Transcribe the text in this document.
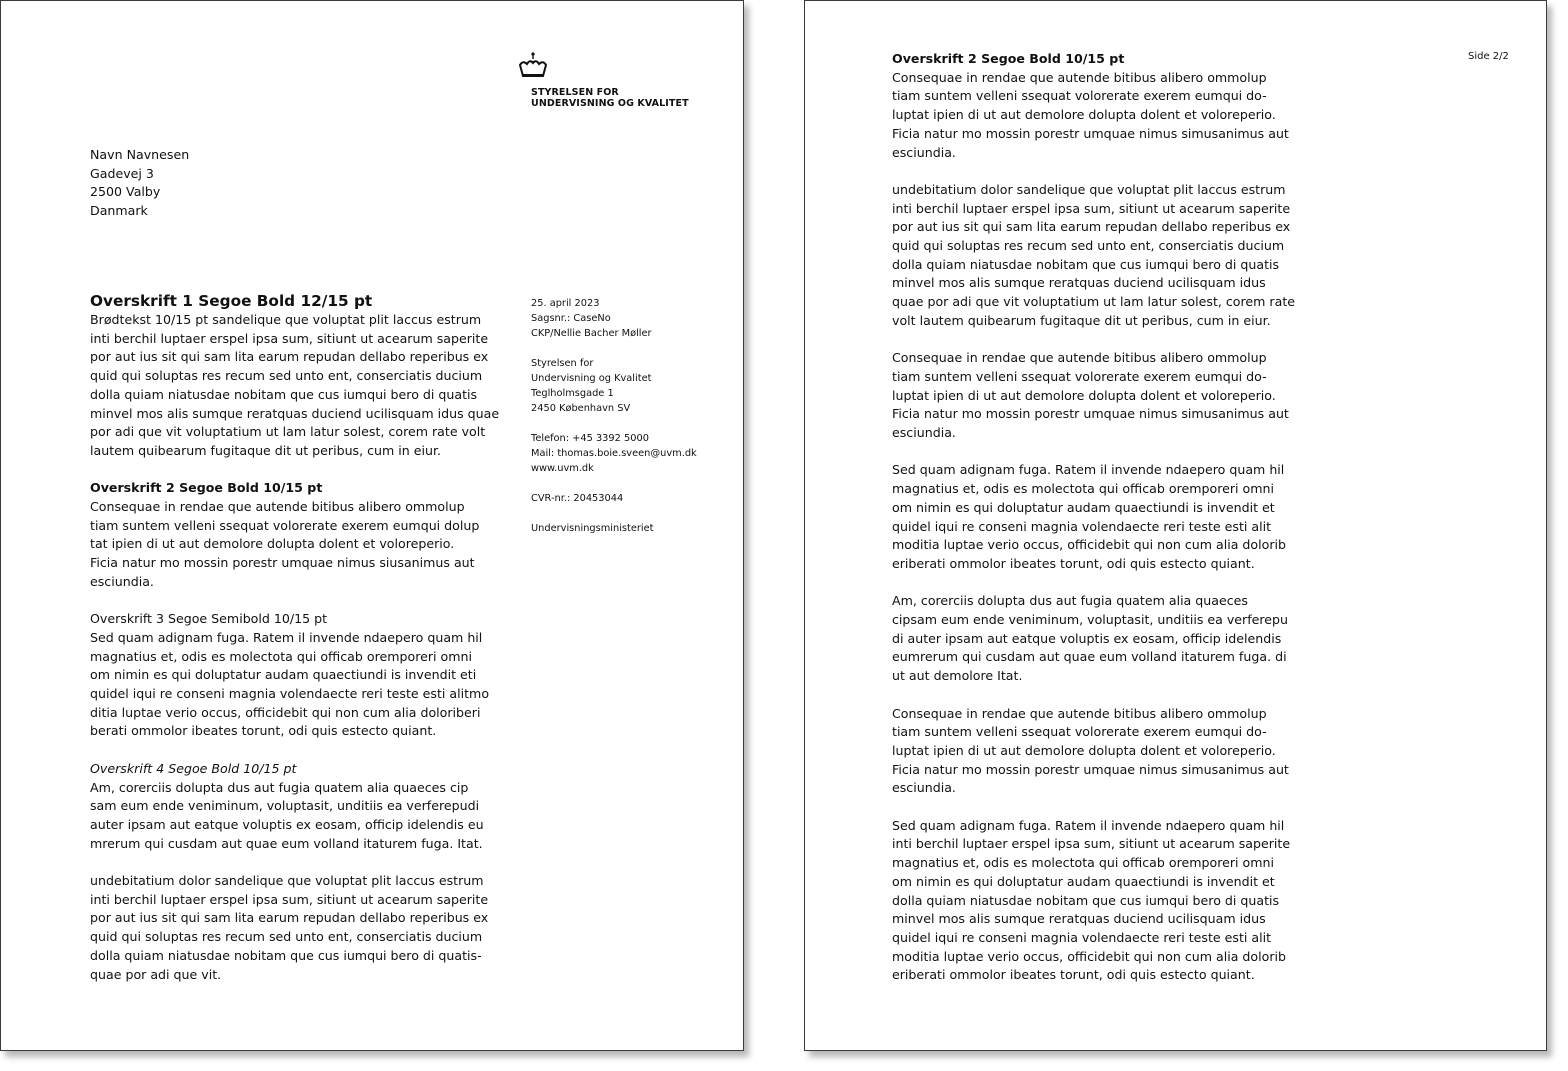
STYRELSEN FOR
UNDERVISNING OG KVALITET
Navn Navnesen
Gadevej 3
2500 Valby
Danmark
25. april 2023
Sagsnr.: CaseNo
CKP/Nellie Bacher Møller
Styrelsen for
Undervisning og Kvalitet
Teglholmsgade 1
2450 København SV
Telefon: +45 3392 5000
Mail: thomas.boie.sveen@uvm.dk
www.uvm.dk
CVR-nr.: 20453044
Undervisningsministeriet
Overskrift 1 Segoe Bold 12/15 pt
Brødtekst 10/15 pt sandelique que voluptat plit laccus estrum
inti berchil luptaer erspel ipsa sum, sitiunt ut acearum saperite
por aut ius sit qui sam lita earum repudan dellabo reperibus ex
quid qui soluptas res recum sed unto ent, conserciatis ducium
dolla quiam niatusdae nobitam que cus iumqui bero di quatis
minvel mos alis sumque reratquas duciend ucilisquam idus quae
por adi que vit voluptatium ut lam latur solest, corem rate volt
lautem quibearum fugitaque dit ut peribus, cum in eiur.
Overskrift 2 Segoe Bold 10/15 pt
Consequae in rendae que autende bitibus alibero ommolup
tiam suntem velleni ssequat volorerate exerem eumqui dolup
tat ipien di ut aut demolore dolupta dolent et voloreperio.
Ficia natur mo mossin porestr umquae nimus siusanimus aut
esciundia.
Overskrift 3 Segoe Semibold 10/15 pt
Sed quam adignam fuga. Ratem il invende ndaepero quam hil
magnatius et, odis es molectota qui officab oremporeri omni
om nimin es qui doluptatur audam quaectiundi is invendit eti
quidel iqui re conseni magnia volendaecte reri teste esti alitmo
ditia luptae verio occus, officidebit qui non cum alia doloriberi
berati ommolor ibeates torunt, odi quis estecto quiant.
Overskrift 4 Segoe Bold 10/15 pt
Am, corerciis dolupta dus aut fugia quatem alia quaeces cip
sam eum ende veniminum, voluptasit, unditiis ea verferepudi
auter ipsam aut eatque voluptis ex eosam, officip idelendis eu
mrerum qui cusdam aut quae eum volland itaturem fuga. Itat.
undebitatium dolor sandelique que voluptat plit laccus estrum
inti berchil luptaer erspel ipsa sum, sitiunt ut acearum saperite
por aut ius sit qui sam lita earum repudan dellabo reperibus ex
quid qui soluptas res recum sed unto ent, conserciatis ducium
dolla quiam niatusdae nobitam que cus iumqui bero di quatis-
quae por adi que vit.
Side 2/2
Overskrift 2 Segoe Bold 10/15 pt
Consequae in rendae que autende bitibus alibero ommolup
tiam suntem velleni ssequat volorerate exerem eumqui do-
luptat ipien di ut aut demolore dolupta dolent et voloreperio.
Ficia natur mo mossin porestr umquae nimus simusanimus aut
esciundia.
undebitatium dolor sandelique que voluptat plit laccus estrum
inti berchil luptaer erspel ipsa sum, sitiunt ut acearum saperite
por aut ius sit qui sam lita earum repudan dellabo reperibus ex
quid qui soluptas res recum sed unto ent, conserciatis ducium
dolla quiam niatusdae nobitam que cus iumqui bero di quatis
minvel mos alis sumque reratquas duciend ucilisquam idus
quae por adi que vit voluptatium ut lam latur solest, corem rate
volt lautem quibearum fugitaque dit ut peribus, cum in eiur.
Consequae in rendae que autende bitibus alibero ommolup
tiam suntem velleni ssequat volorerate exerem eumqui do-
luptat ipien di ut aut demolore dolupta dolent et voloreperio.
Ficia natur mo mossin porestr umquae nimus simusanimus aut
esciundia.
Sed quam adignam fuga. Ratem il invende ndaepero quam hil
magnatius et, odis es molectota qui officab oremporeri omni
om nimin es qui doluptatur audam quaectiundi is invendit et
quidel iqui re conseni magnia volendaecte reri teste esti alit
moditia luptae verio occus, officidebit qui non cum alia dolorib
eriberati ommolor ibeates torunt, odi quis estecto quiant.
Am, corerciis dolupta dus aut fugia quatem alia quaeces
cipsam eum ende veniminum, voluptasit, unditiis ea verferepu
di auter ipsam aut eatque voluptis ex eosam, officip idelendis
eumrerum qui cusdam aut quae eum volland itaturem fuga. di
ut aut demolore Itat.
Consequae in rendae que autende bitibus alibero ommolup
tiam suntem velleni ssequat volorerate exerem eumqui do-
luptat ipien di ut aut demolore dolupta dolent et voloreperio.
Ficia natur mo mossin porestr umquae nimus simusanimus aut
esciundia.
Sed quam adignam fuga. Ratem il invende ndaepero quam hil
inti berchil luptaer erspel ipsa sum, sitiunt ut acearum saperite
magnatius et, odis es molectota qui officab oremporeri omni
om nimin es qui doluptatur audam quaectiundi is invendit et
dolla quiam niatusdae nobitam que cus iumqui bero di quatis
minvel mos alis sumque reratquas duciend ucilisquam idus
quidel iqui re conseni magnia volendaecte reri teste esti alit
moditia luptae verio occus, officidebit qui non cum alia dolorib
eriberati ommolor ibeates torunt, odi quis estecto quiant.
